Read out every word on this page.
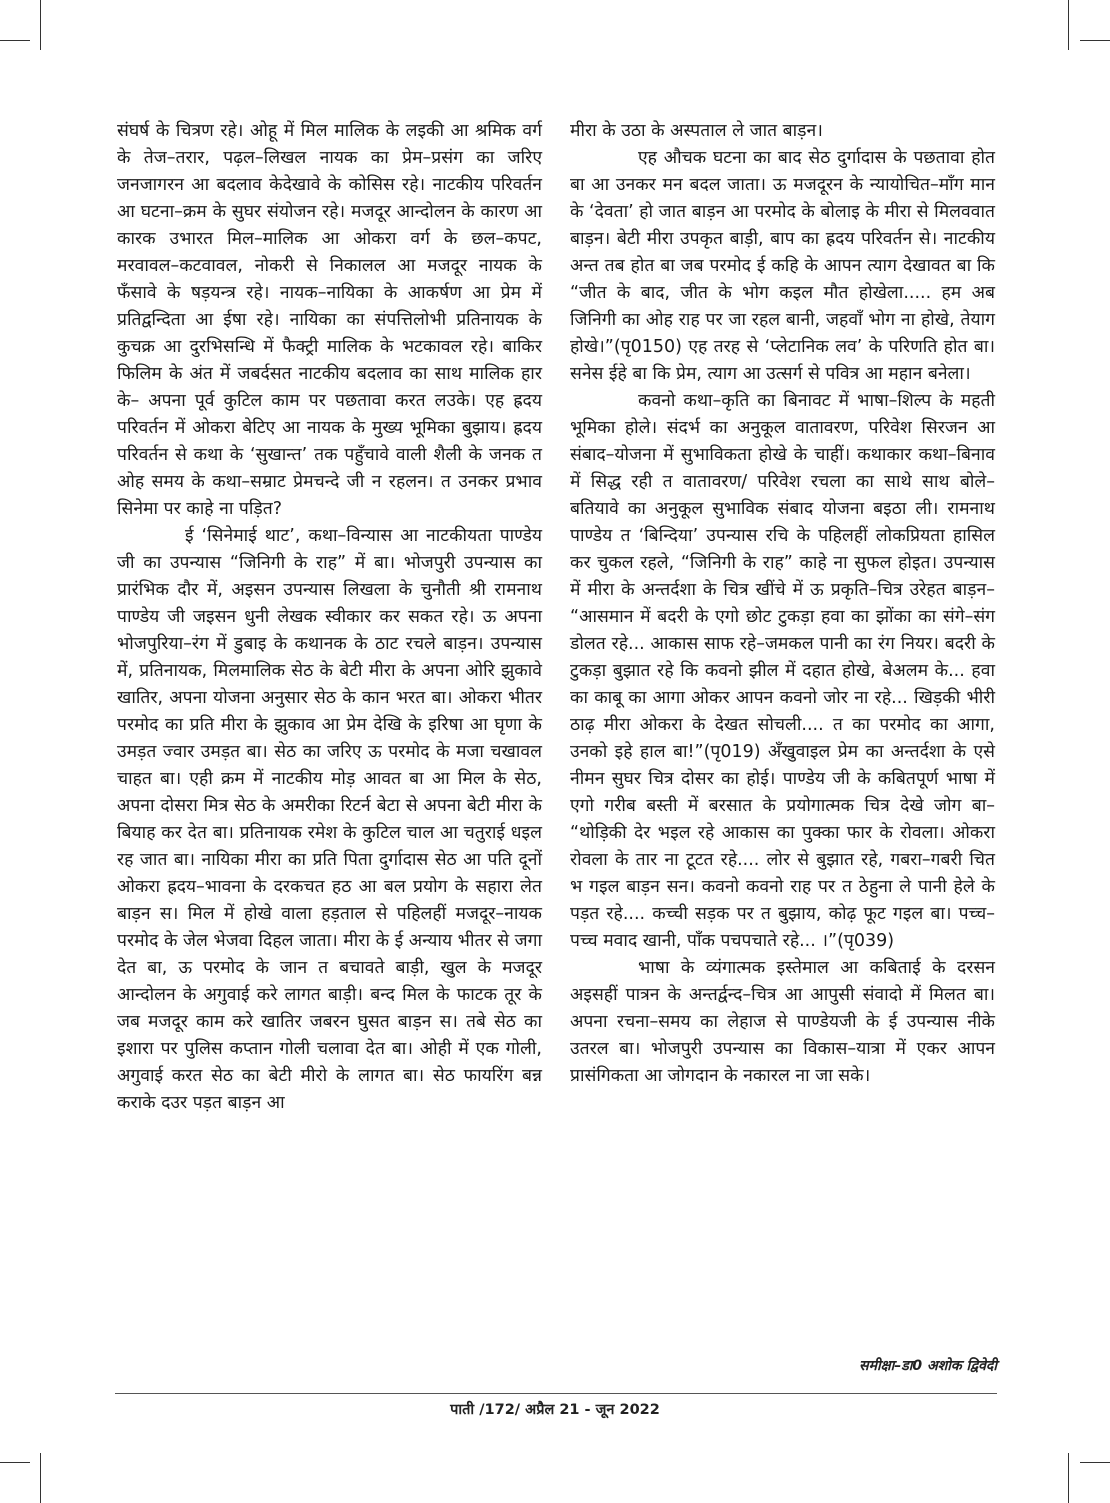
संघर्ष के चित्रण रहे। ओहू में मिल मालिक के लइकी आ श्रमिक वर्ग के तेज–तरार, पढ़ल–लिखल नायक का प्रेम–प्रसंग का जरिए जनजागरन आ बदलाव केदेखावे के कोसिस रहे। नाटकीय परिवर्तन आ घटना–क्रम के सुघर संयोजन रहे। मजदूर आन्दोलन के कारण आ कारक उभारत मिल–मालिक आ ओकरा वर्ग के छल–कपट, मरवावल–कटवावल, नोकरी से निकालल आ मजदूर नायक के फँसावे के षड़यन्त्र रहे। नायक–नायिका के आकर्षण आ प्रेम में प्रतिद्वन्दिता आ ईषा रहे। नायिका का संपत्तिलोभी प्रतिनायक के कुचक्र आ दुरभिसन्धि में फैक्ट्री मालिक के भटकावल रहे। बाकिर फिलिम के अंत में जबर्दसत नाटकीय बदलाव का साथ मालिक हार के– अपना पूर्व कुटिल काम पर पछतावा करत लउके। एह ह्रदय परिवर्तन में ओकरा बेटिए आ नायक के मुख्य भूमिका बुझाय। ह्रदय परिवर्तन से कथा के ‘सुखान्त’ तक पहुँचावे वाली शैली के जनक त ओह समय के कथा–सम्राट प्रेमचन्दे जी न रहलन। त उनकर प्रभाव सिनेमा पर काहे ना पड़ित?

ई ‘सिनेमाई थाट’, कथा–विन्यास आ नाटकीयता पाण्डेय जी का उपन्यास “जिनिगी के राह” में बा। भोजपुरी उपन्यास का प्रारंभिक दौर में, अइसन उपन्यास लिखला के चुनौती श्री रामनाथ पाण्डेय जी जइसन धुनी लेखक स्वीकार कर सकत रहे। ऊ अपना भोजपुरिया–रंग में डुबाइ के कथानक के ठाट रचले बाड़न। उपन्यास में, प्रतिनायक, मिलमालिक सेठ के बेटी मीरा के अपना ओरि झुकावे खातिर, अपना योजना अनुसार सेठ के कान भरत बा। ओकरा भीतर परमोद का प्रति मीरा के झुकाव आ प्रेम देखि के इरिषा आ घृणा के उमड़त ज्वार उमड़त बा। सेठ का जरिए ऊ परमोद के मजा चखावल चाहत बा। एही क्रम में नाटकीय मोड़ आवत बा आ मिल के सेठ, अपना दोसरा मित्र सेठ के अमरीका रिटर्न बेटा से अपना बेटी मीरा के बियाह कर देत बा। प्रतिनायक रमेश के कुटिल चाल आ चतुराई धइल रह जात बा। नायिका मीरा का प्रति पिता दुर्गादास सेठ आ पति दूनों ओकरा ह्रदय–भावना के दरकचत हठ आ बल प्रयोग के सहारा लेत बाड़न स। मिल में होखे वाला हड़ताल से पहिलहीं मजदूर–नायक परमोद के जेल भेजवा दिहल जाता। मीरा के ई अन्याय भीतर से जगा देत बा, ऊ परमोद के जान त बचावते बाड़ी, खुल के मजदूर आन्दोलन के अगुवाई करे लागत बाड़ी। बन्द मिल के फाटक तूर के जब मजदूर काम करे खातिर जबरन घुसत बाड़न स। तबे सेठ का इशारा पर पुलिस कप्तान गोली चलावा देत बा। ओही में एक गोली, अगुवाई करत सेठ का बेटी मीरो के लागत बा। सेठ फायरिंग बन्न कराके दउर पड़त बाड़न आ

मीरा के उठा के अस्पताल ले जात बाड़न।

एह औचक घटना का बाद सेठ दुर्गादास के पछतावा होत बा आ उनकर मन बदल जाता। ऊ मजदूरन के न्यायोचित–माँग मान के ‘देवता’ हो जात बाड़न आ परमोद के बोलाइ के मीरा से मिलववात बाड़न। बेटी मीरा उपकृत बाड़ी, बाप का ह्रदय परिवर्तन से। नाटकीय अन्त तब होत बा जब परमोद ई कहि के आपन त्याग देखावत बा कि “जीत के बाद, जीत के भोग कइल मौत होखेला..... हम अब जिनिगी का ओह राह पर जा रहल बानी, जहवाँ भोग ना होखे, तेयाग होखे।”(पृ0150) एह तरह से ‘प्लेटानिक लव’ के परिणति होत बा। सनेस ईहे बा कि प्रेम, त्याग आ उत्सर्ग से पवित्र आ महान बनेला।

कवनो कथा–कृति का बिनावट में भाषा–शिल्प के महती भूमिका होले। संदर्भ का अनुकूल वातावरण, परिवेश सिरजन आ संबाद–योजना में सुभाविकता होखे के चाहीं। कथाकार कथा–बिनाव में सिद्ध रही त वातावरण/ परिवेश रचला का साथे साथ बोले–बतियावे का अनुकूल सुभाविक संबाद योजना बइठा ली। रामनाथ पाण्डेय त ‘बिन्दिया’ उपन्यास रचि के पहिलहीं लोकप्रियता हासिल कर चुकल रहले, “जिनिगी के राह” काहे ना सुफल होइत। उपन्यास में मीरा के अन्तर्दशा के चित्र खींचे में ऊ प्रकृति–चित्र उरेहत बाड़न– “आसमान में बदरी के एगो छोट टुकड़ा हवा का झोंका का संगे–संग डोलत रहे... आकास साफ रहे–जमकल पानी का रंग नियर। बदरी के टुकड़ा बुझात रहे कि कवनो झील में दहात होखे, बेअलम के... हवा का काबू का आगा ओकर आपन कवनो जोर ना रहे... खिड़की भीरी ठाढ़ मीरा ओकरा के देखत सोचली.... त का परमोद का आगा, उनको इहे हाल बा!”(पृ019) अँखुवाइल प्रेम का अन्तर्दशा के एसे नीमन सुघर चित्र दोसर का होई। पाण्डेय जी के कबितपूर्ण भाषा में एगो गरीब बस्ती में बरसात के प्रयोगात्मक चित्र देखे जोग बा– “थोड़िकी देर भइल रहे आकास का पुक्का फार के रोवला। ओकरा रोवला के तार ना टूटत रहे.... लोर से बुझात रहे, गबरा–गबरी चित भ गइल बाड़न सन। कवनो कवनो राह पर त ठेहुना ले पानी हेले के पड़त रहे.... कच्ची सड़क पर त बुझाय, कोढ़ फूट गइल बा। पच्च–पच्च मवाद खानी, पाँक पचपचाते रहे... ।”(पृ039)

भाषा के व्यंगात्मक इस्तेमाल आ कबिताई के दरसन अइसहीं पात्रन के अन्तर्द्वन्द–चित्र आ आपुसी संवादो में मिलत बा। अपना रचना–समय का लेहाज से पाण्डेयजी के ई उपन्यास नीके उतरल बा। भोजपुरी उपन्यास का विकास–यात्रा में एकर आपन प्रासंगिकता आ जोगदान के नकारल ना जा सके।

समीक्षा–डा0 अशोक द्विवेदी
पाती /172/ अप्रैल 21 - जून 2022
